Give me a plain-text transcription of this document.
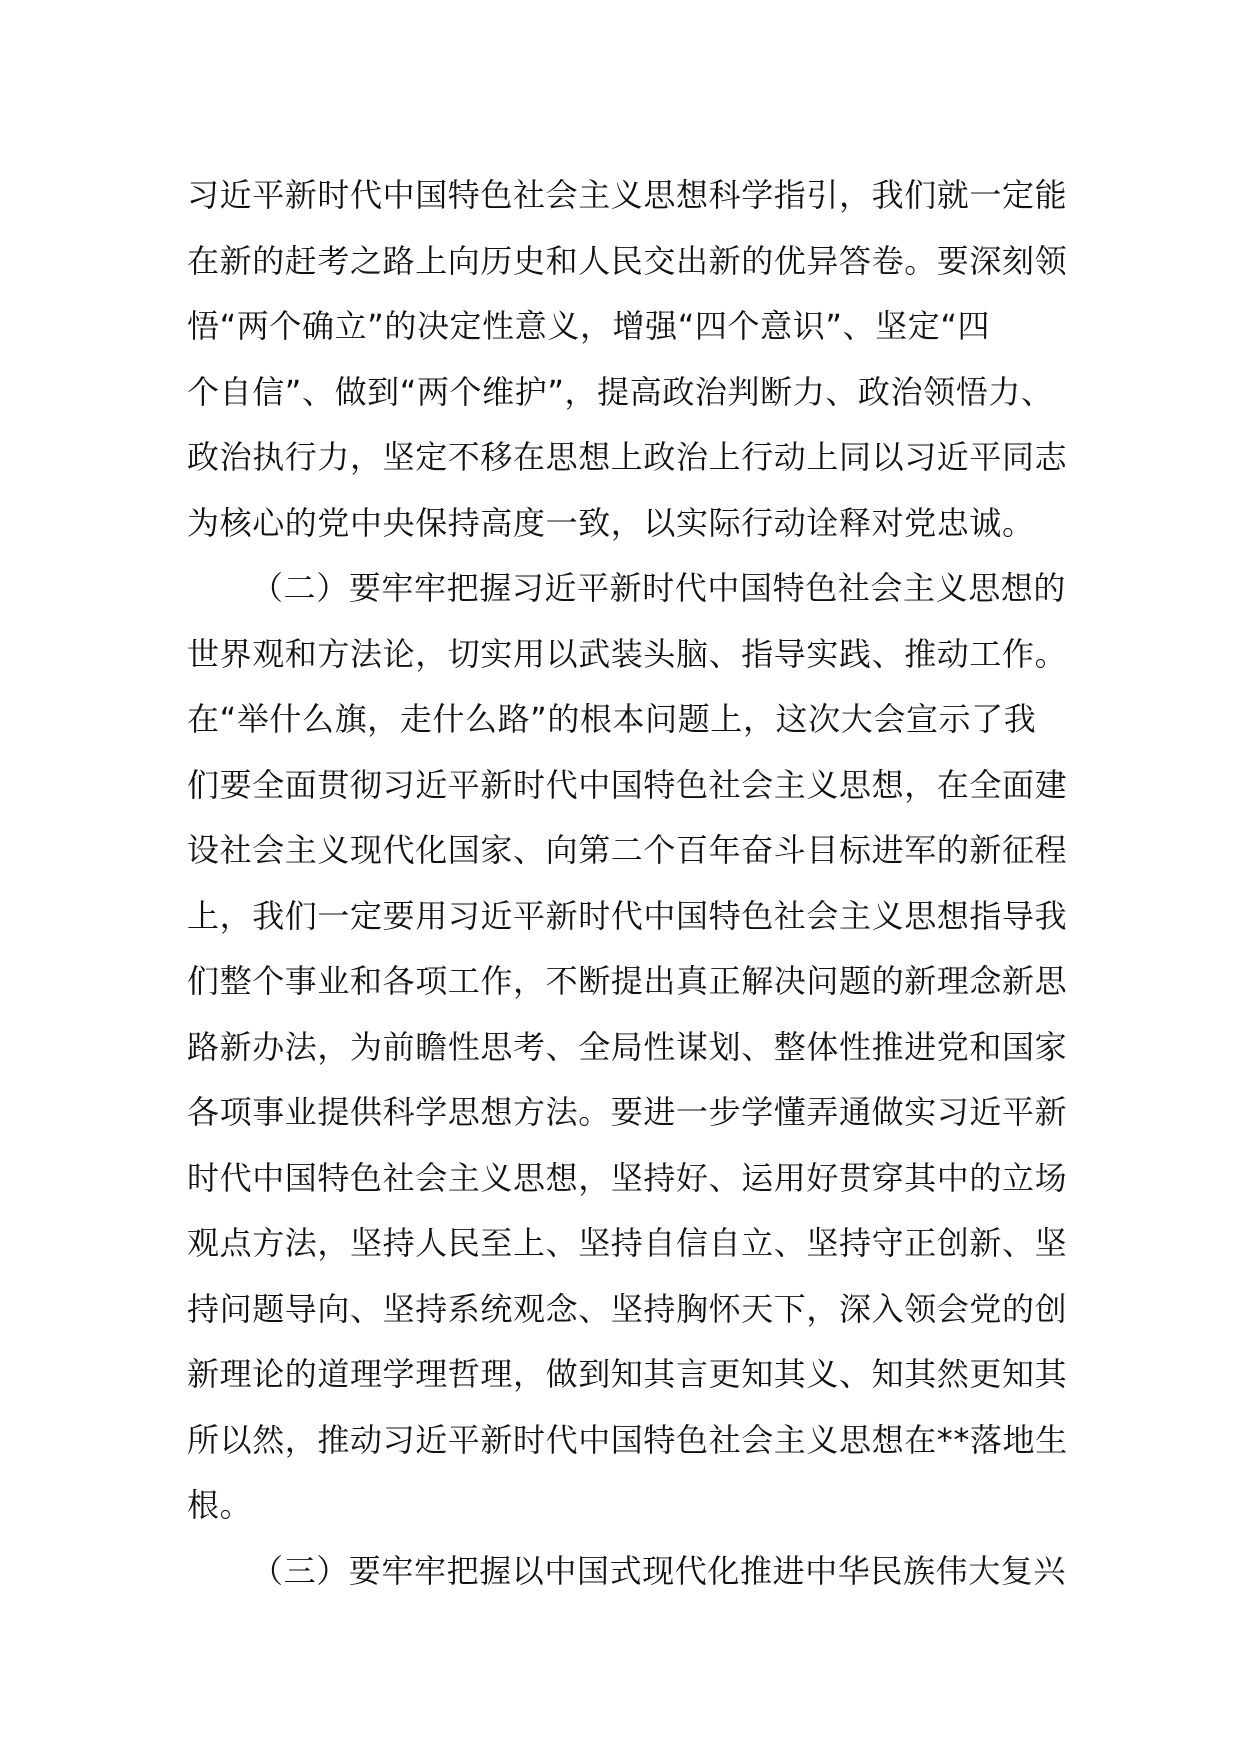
习近平新时代中国特色社会主义思想科学指引，我们就一定能
在新的赶考之路上向历史和人民交出新的优异答卷。要深刻领
悟“两个确立”的决定性意义，增强“四个意识”、坚定“四
个自信”、做到“两个维护”，提高政治判断力、政治领悟力、
政治执行力，坚定不移在思想上政治上行动上同以习近平同志
为核心的党中央保持高度一致，以实际行动诠释对党忠诚。
（二）要牢牢把握习近平新时代中国特色社会主义思想的
世界观和方法论，切实用以武装头脑、指导实践、推动工作。
在“举什么旗，走什么路”的根本问题上，这次大会宣示了我
们要全面贯彻习近平新时代中国特色社会主义思想，在全面建
设社会主义现代化国家、向第二个百年奋斗目标进军的新征程
上，我们一定要用习近平新时代中国特色社会主义思想指导我
们整个事业和各项工作，不断提出真正解决问题的新理念新思
路新办法，为前瞻性思考、全局性谋划、整体性推进党和国家
各项事业提供科学思想方法。要进一步学懂弄通做实习近平新
时代中国特色社会主义思想，坚持好、运用好贯穿其中的立场
观点方法，坚持人民至上、坚持自信自立、坚持守正创新、坚
持问题导向、坚持系统观念、坚持胸怀天下，深入领会党的创
新理论的道理学理哲理，做到知其言更知其义、知其然更知其
所以然，推动习近平新时代中国特色社会主义思想在**落地生
根。
（三）要牢牢把握以中国式现代化推进中华民族伟大复兴
